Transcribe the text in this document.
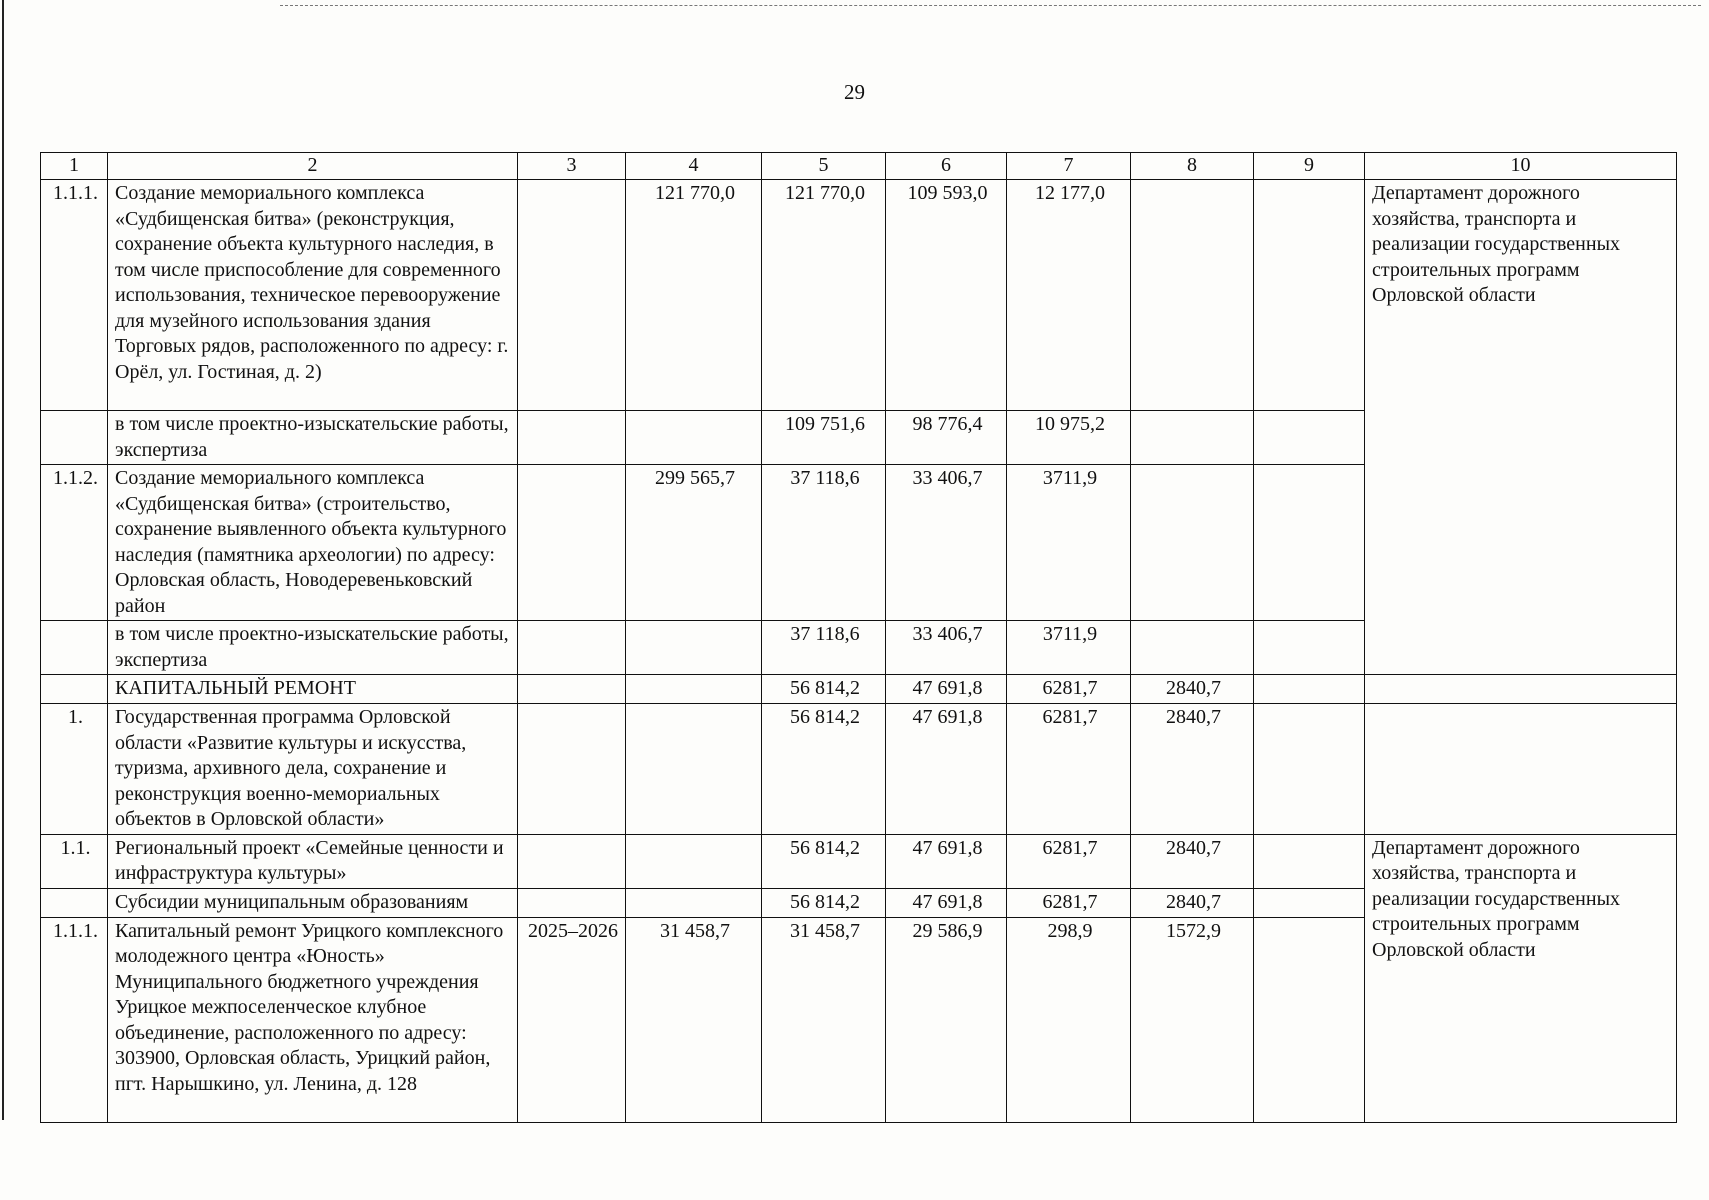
29
1	2	3	4	5	6	7	8	9	10
1.1.1.	Создание мемориального комплекса «Судбищенская битва» (реконструкция, сохранение объекта культурного наследия, в том числе приспособление для современного использования, техническое перевооружение для музейного использования здания Торговых рядов, расположенного по адресу: г. Орёл, ул. Гостиная, д. 2)		121 770,0	121 770,0	109 593,0	12 177,0			Департамент дорожного хозяйства, транспорта и реализации государственных строительных программ Орловской области
	в том числе проектно-изыскательские работы, экспертиза			109 751,6	98 776,4	10 975,2			
1.1.2.	Создание мемориального комплекса «Судбищенская битва» (строительство, сохранение выявленного объекта культурного наследия (памятника археологии) по адресу: Орловская область, Новодеревеньковский район		299 565,7	37 118,6	33 406,7	3711,9			
	в том числе проектно-изыскательские работы, экспертиза			37 118,6	33 406,7	3711,9			
	КАПИТАЛЬНЫЙ РЕМОНТ			56 814,2	47 691,8	6281,7	2840,7		
1.	Государственная программа Орловской области «Развитие культуры и искусства, туризма, архивного дела, сохранение и реконструкция военно-мемориальных объектов в Орловской области»			56 814,2	47 691,8	6281,7	2840,7		
1.1.	Региональный проект «Семейные ценности и инфраструктура культуры»			56 814,2	47 691,8	6281,7	2840,7		Департамент дорожного хозяйства, транспорта и реализации государственных строительных программ Орловской области
	Субсидии муниципальным образованиям			56 814,2	47 691,8	6281,7	2840,7		
1.1.1.	Капитальный ремонт Урицкого комплексного молодежного центра «Юность» Муниципального бюджетного учреждения Урицкое межпоселенческое клубное объединение, расположенного по адресу: 303900, Орловская область, Урицкий район, пгт. Нарышкино, ул. Ленина, д. 128	2025–2026	31 458,7	31 458,7	29 586,9	298,9	1572,9		
